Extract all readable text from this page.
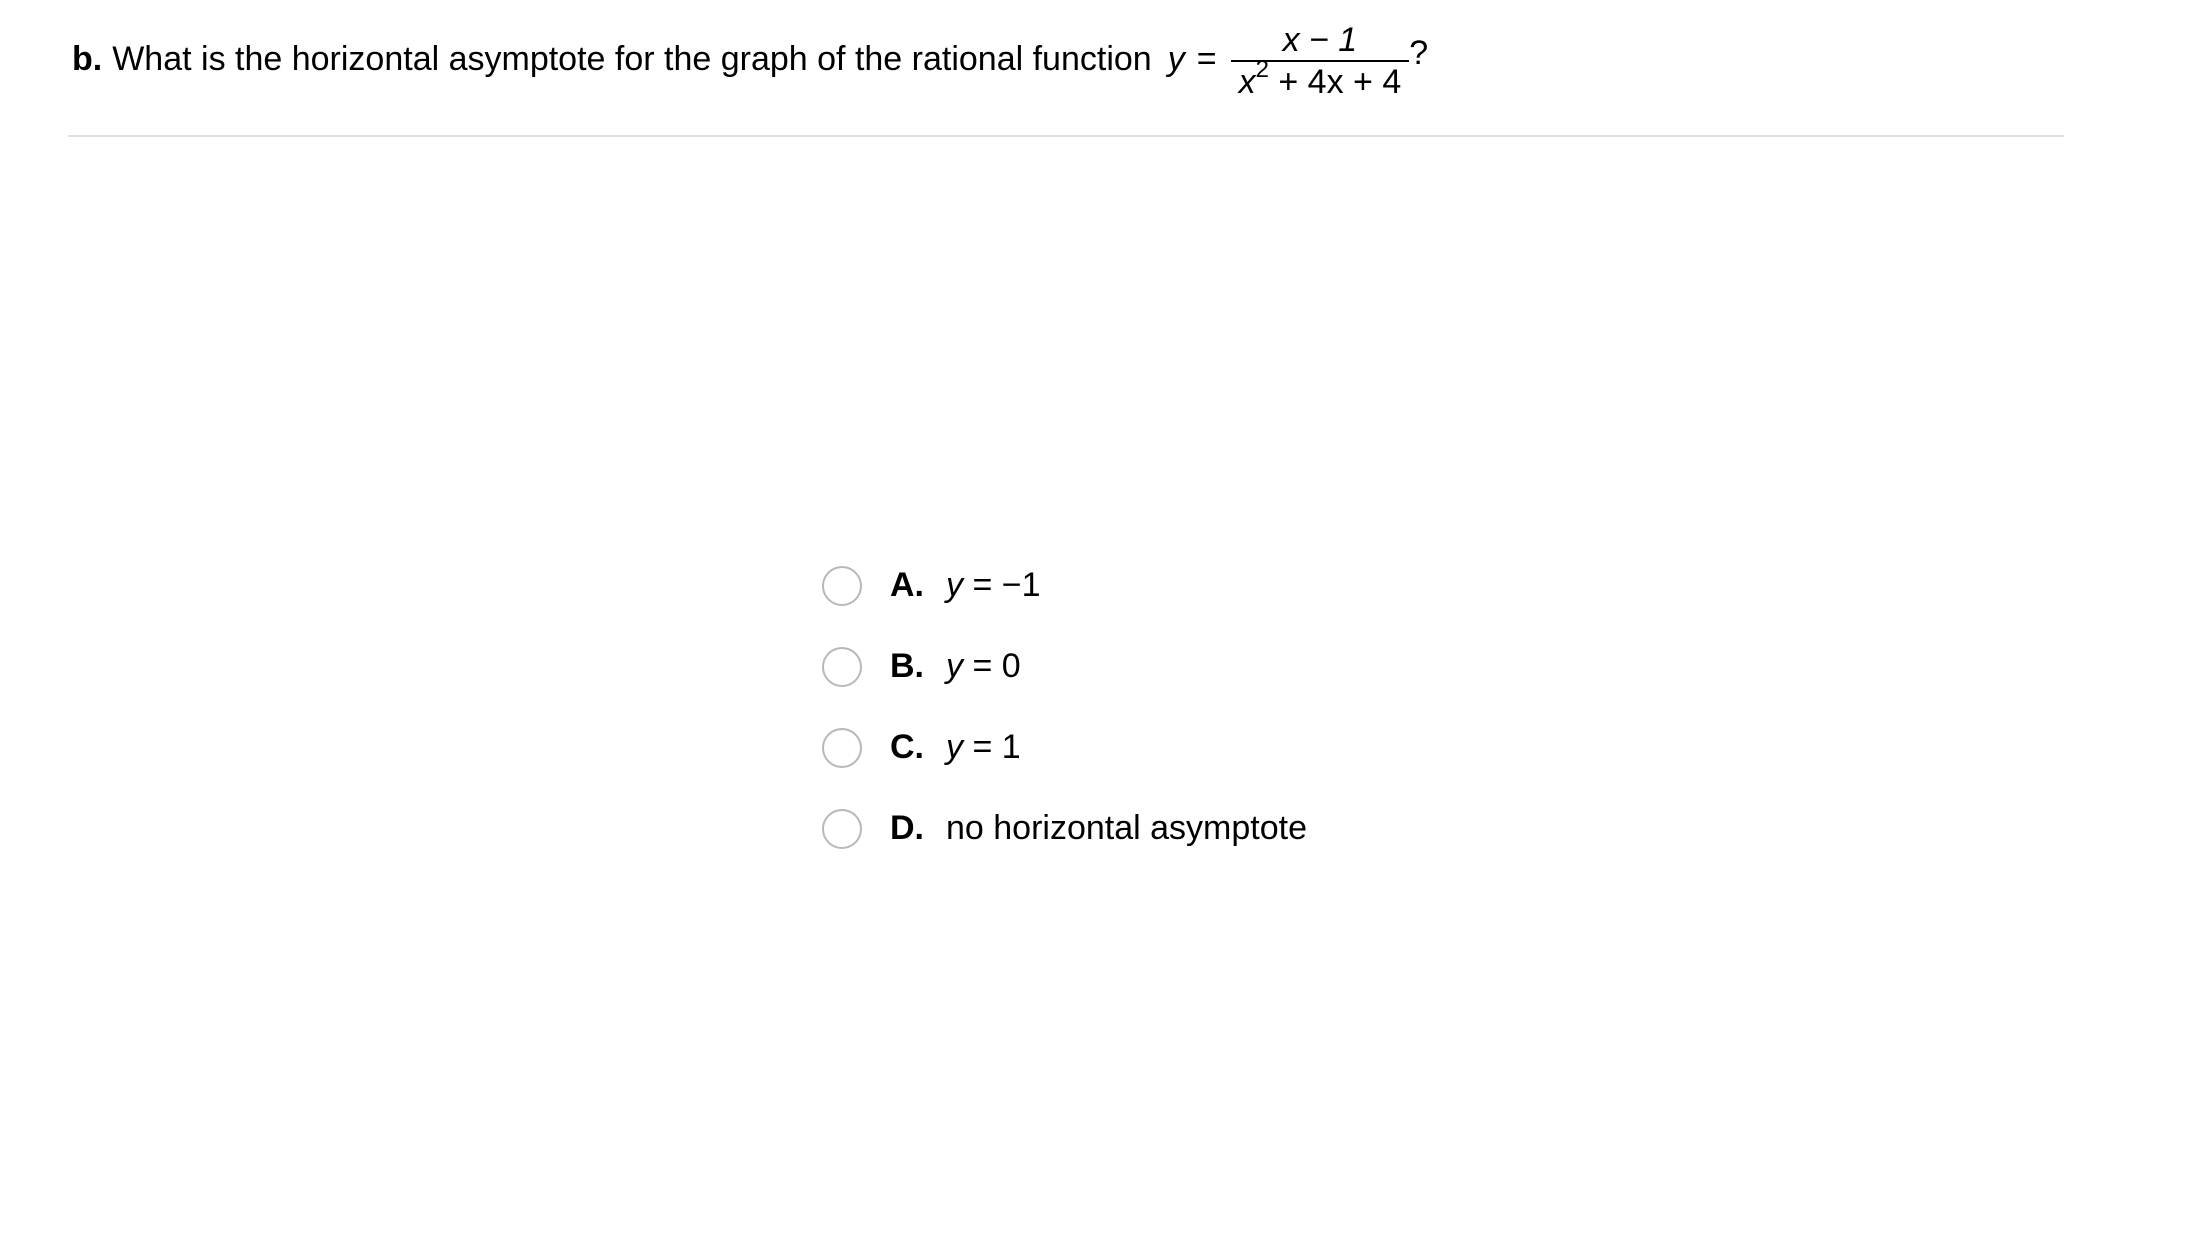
b. What is the horizontal asymptote for the graph of the rational function $y = \frac{x - 1}{x^2 + 4x + 4}$ ?
A. y = −1
B. y = 0
C. y = 1
D. no horizontal asymptote
